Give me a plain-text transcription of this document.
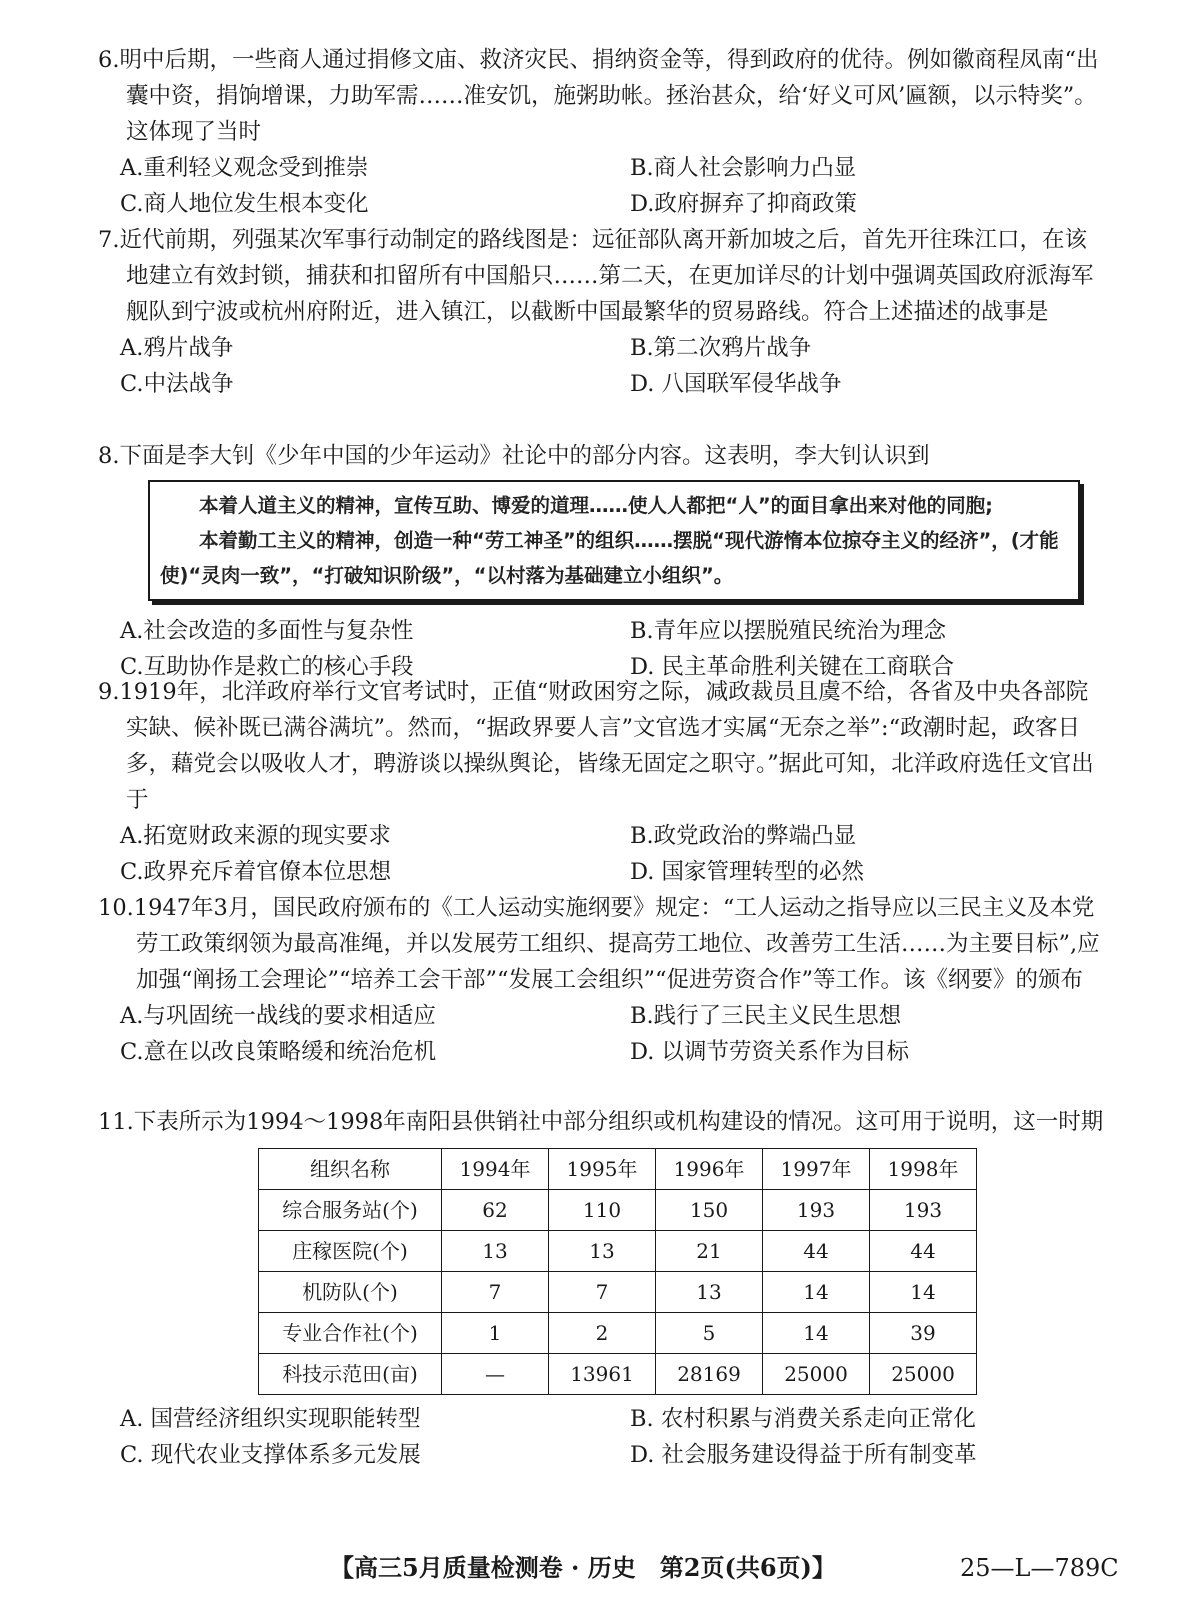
6.明中后期，一些商人通过捐修文庙、救济灾民、捐纳资金等，得到政府的优待。例如徽商程凤南“出囊中资，捐饷增课，力助军需……准安饥，施粥助帐。拯治甚众，给‘好义可风’匾额，以示特奖”。这体现了当时

A.重利轻义观念受到推崇	B.商人社会影响力凸显
C.商人地位发生根本变化	D.政府摒弃了抑商政策

7.近代前期，列强某次军事行动制定的路线图是：远征部队离开新加坡之后，首先开往珠江口，在该地建立有效封锁，捕获和扣留所有中国船只……第二天，在更加详尽的计划中强调英国政府派海军舰队到宁波或杭州府附近，进入镇江，以截断中国最繁华的贸易路线。符合上述描述的战事是

A.鸦片战争	B.第二次鸦片战争
C.中法战争	D. 八国联军侵华战争

8.下面是李大钊《少年中国的少年运动》社论中的部分内容。这表明，李大钊认识到

本着人道主义的精神，宣传互助、博爱的道理……使人人都把“人”的面目拿出来对他的同胞;

本着勤工主义的精神，创造一种“劳工神圣”的组织……摆脱“现代游惰本位掠夺主义的经济”，(才能使)“灵肉一致”，“打破知识阶级”，“以村落为基础建立小组织”。

A.社会改造的多面性与复杂性	B.青年应以摆脱殖民统治为理念
C.互助协作是救亡的核心手段	D. 民主革命胜利关键在工商联合

9.1919年，北洋政府举行文官考试时，正值“财政困穷之际，减政裁员且虞不给，各省及中央各部院实缺、候补既已满谷满坑”。然而，“据政界要人言”文官选才实属“无奈之举”:“政潮时起，政客日多，藉党会以吸收人才，聘游谈以操纵舆论，皆缘无固定之职守。”据此可知，北洋政府选任文官出于

A.拓宽财政来源的现实要求	B.政党政治的弊端凸显
C.政界充斥着官僚本位思想	D. 国家管理转型的必然

10.1947年3月，国民政府颁布的《工人运动实施纲要》规定：“工人运动之指导应以三民主义及本党劳工政策纲领为最高准绳，并以发展劳工组织、提高劳工地位、改善劳工生活……为主要目标”,应加强“阐扬工会理论”“培养工会干部”“发展工会组织”“促进劳资合作”等工作。该《纲要》的颁布

A.与巩固统一战线的要求相适应	B.践行了三民主义民生思想
C.意在以改良策略缓和统治危机	D. 以调节劳资关系作为目标

11.下表所示为1994～1998年南阳县供销社中部分组织或机构建设的情况。这可用于说明，这一时期

组织名称	1994年	1995年	1996年	1997年	1998年
综合服务站(个)	62	110	150	193	193
庄稼医院(个)	13	13	21	44	44
机防队(个)	7	7	13	14	14
专业合作社(个)	1	2	5	14	39
科技示范田(亩)	—	13961	28169	25000	25000
A. 国营经济组织实现职能转型	B. 农村积累与消费关系走向正常化
C. 现代农业支撑体系多元发展	D. 社会服务建设得益于所有制变革
【高三5月质量检测卷 · 历史　第2页(共6页)】	25—L—789C
